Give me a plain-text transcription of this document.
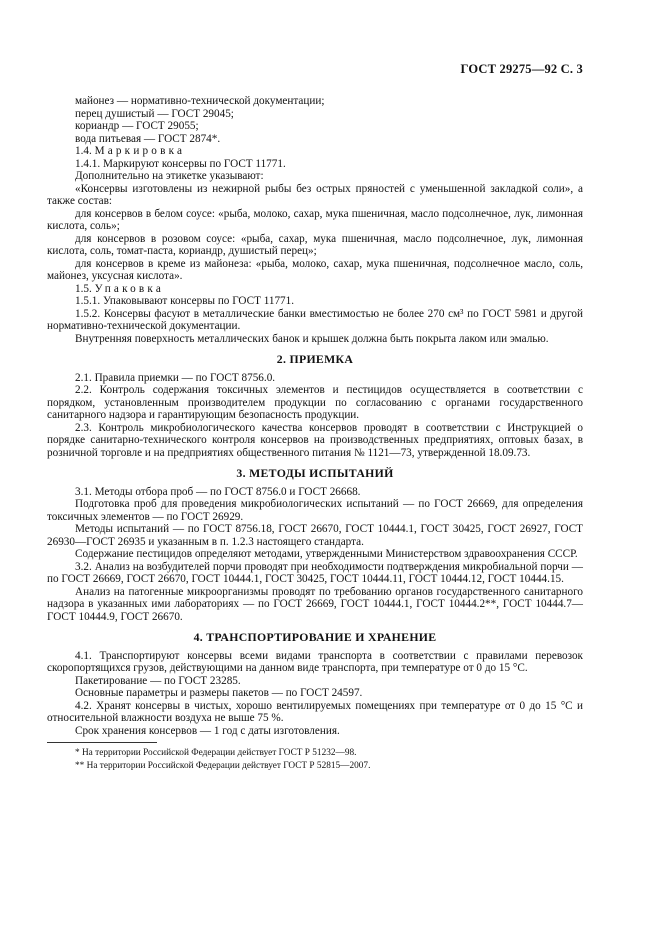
ГОСТ 29275—92 С. 3

майонез — нормативно-технической документации;

перец душистый — ГОСТ 29045;

кориандр — ГОСТ 29055;

вода питьевая — ГОСТ 2874*.

1.4. Маркировка

1.4.1. Маркируют консервы по ГОСТ 11771.

Дополнительно на этикетке указывают:

«Консервы изготовлены из нежирной рыбы без острых пряностей с уменьшенной закладкой соли», а также состав:

для консервов в белом соусе: «рыба, молоко, сахар, мука пшеничная, масло подсолнечное, лук, лимонная кислота, соль»;

для консервов в розовом соусе: «рыба, сахар, мука пшеничная, масло подсолнечное, лук, лимонная кислота, соль, томат-паста, кориандр, душистый перец»;

для консервов в креме из майонеза: «рыба, молоко, сахар, мука пшеничная, подсолнечное масло, соль, майонез, уксусная кислота».

1.5. Упаковка

1.5.1. Упаковывают консервы по ГОСТ 11771.

1.5.2. Консервы фасуют в металлические банки вместимостью не более 270 см³ по ГОСТ 5981 и другой нормативно-технической документации.

Внутренняя поверхность металлических банок и крышек должна быть покрыта лаком или эмалью.

2. ПРИЕМКА

2.1. Правила приемки — по ГОСТ 8756.0.

2.2. Контроль содержания токсичных элементов и пестицидов осуществляется в соответствии с порядком, установленным производителем продукции по согласованию с органами государственного санитарного надзора и гарантирующим безопасность продукции.

2.3. Контроль микробиологического качества консервов проводят в соответствии с Инструкцией о порядке санитарно-технического контроля консервов на производственных предприятиях, оптовых базах, в розничной торговле и на предприятиях общественного питания № 1121—73, утвержденной 18.09.73.

3. МЕТОДЫ ИСПЫТАНИЙ

3.1. Методы отбора проб — по ГОСТ 8756.0 и ГОСТ 26668.

Подготовка проб для проведения микробиологических испытаний — по ГОСТ 26669, для определения токсичных элементов — по ГОСТ 26929.

Методы испытаний — по ГОСТ 8756.18, ГОСТ 26670, ГОСТ 10444.1, ГОСТ 30425, ГОСТ 26927, ГОСТ 26930—ГОСТ 26935 и указанным в п. 1.2.3 настоящего стандарта.

Содержание пестицидов определяют методами, утвержденными Министерством здравоохранения СССР.

3.2. Анализ на возбудителей порчи проводят при необходимости подтверждения микробиальной порчи — по ГОСТ 26669, ГОСТ 26670, ГОСТ 10444.1, ГОСТ 30425, ГОСТ 10444.11, ГОСТ 10444.12, ГОСТ 10444.15.

Анализ на патогенные микроорганизмы проводят по требованию органов государственного санитарного надзора в указанных ими лабораториях — по ГОСТ 26669, ГОСТ 10444.1, ГОСТ 10444.2**, ГОСТ 10444.7—ГОСТ 10444.9, ГОСТ 26670.

4. ТРАНСПОРТИРОВАНИЕ И ХРАНЕНИЕ

4.1. Транспортируют консервы всеми видами транспорта в соответствии с правилами перевозок скоропортящихся грузов, действующими на данном виде транспорта, при температуре от 0 до 15 °С.

Пакетирование — по ГОСТ 23285.

Основные параметры и размеры пакетов — по ГОСТ 24597.

4.2. Хранят консервы в чистых, хорошо вентилируемых помещениях при температуре от 0 до 15 °С и относительной влажности воздуха не выше 75 %.

Срок хранения консервов — 1 год с даты изготовления.

* На территории Российской Федерации действует ГОСТ Р 51232—98.

** На территории Российской Федерации действует ГОСТ Р 52815—2007.
